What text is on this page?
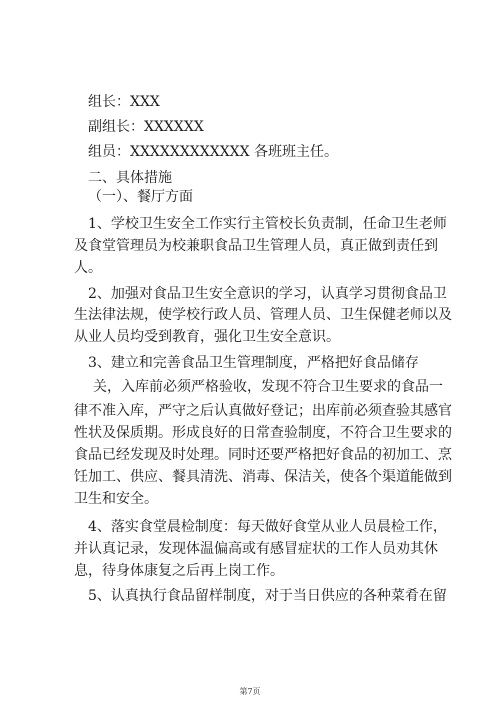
组长：XXX
副组长：XXXXXX
组员：XXXXXXXXXXXX 各班班主任。
二、具体措施
（一）、餐厅方面
1、学校卫生安全工作实行主管校长负责制，任命卫生老师
及食堂管理员为校兼职食品卫生管理人员，真正做到责任到
人。
2、加强对食品卫生安全意识的学习，认真学习贯彻食品卫
生法律法规，使学校行政人员、管理人员、卫生保健老师以及
从业人员均受到教育，强化卫生安全意识。
3、建立和完善食品卫生管理制度，严格把好食品储存
关，入库前必须严格验收，发现不符合卫生要求的食品一
律不准入库，严守之后认真做好登记；出库前必须查验其感官
性状及保质期。形成良好的日常查验制度，不符合卫生要求的
食品已经发现及时处理。同时还要严格把好食品的初加工、烹
饪加工、供应、餐具清洗、消毒、保洁关，使各个渠道能做到
卫生和安全。
4、落实食堂晨检制度：每天做好食堂从业人员晨检工作，
并认真记录，发现体温偏高或有感冒症状的工作人员劝其休
息，待身体康复之后再上岗工作。
5、认真执行食品留样制度，对于当日供应的各种菜肴在留
第7页
